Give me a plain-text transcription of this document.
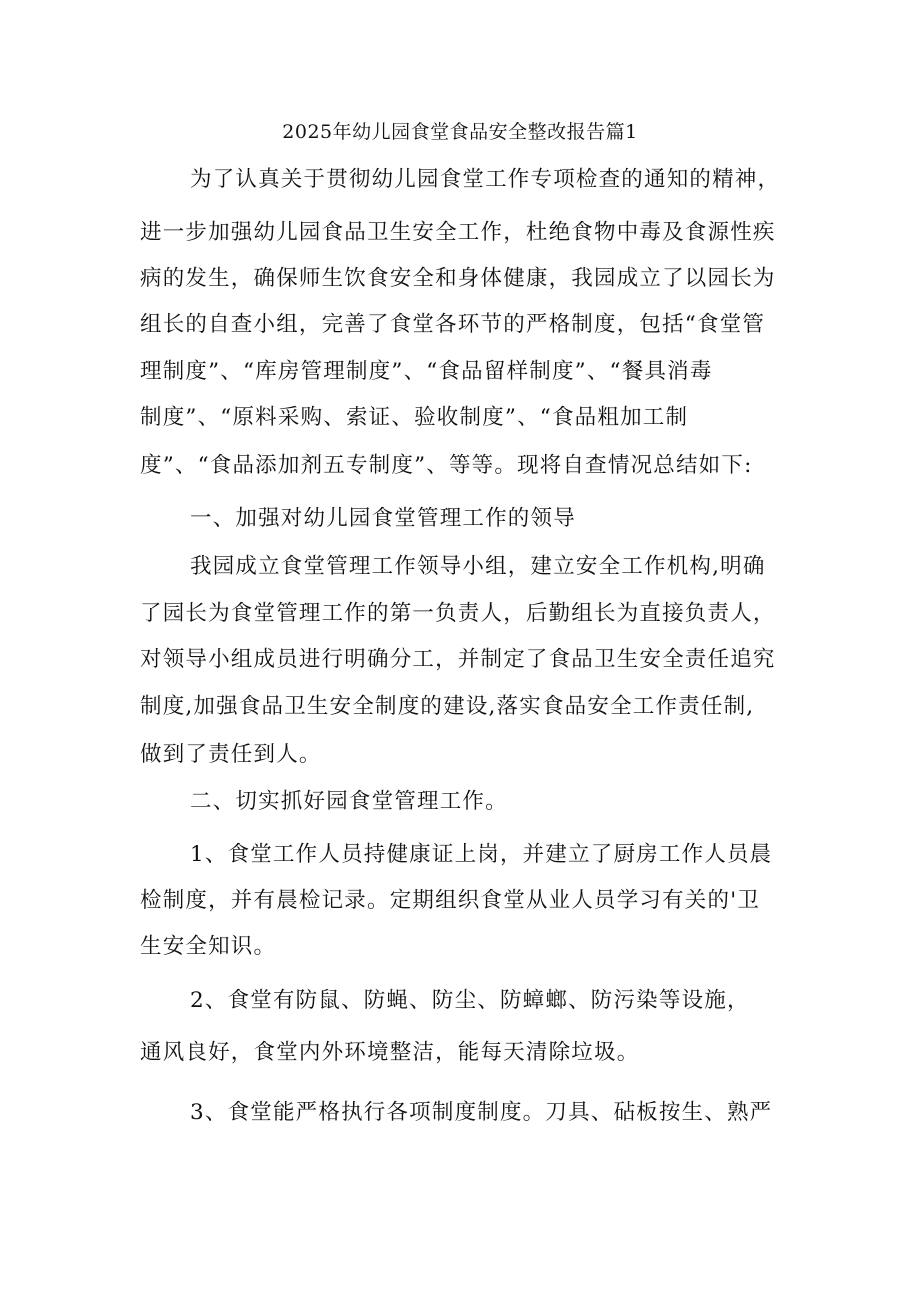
2025年幼儿园食堂食品安全整改报告篇1
为了认真关于贯彻幼儿园食堂工作专项检查的通知的精神，
进一步加强幼儿园食品卫生安全工作，杜绝食物中毒及食源性疾
病的发生，确保师生饮食安全和身体健康，我园成立了以园长为
组长的自查小组，完善了食堂各环节的严格制度，包括“食堂管
理制度”、“库房管理制度”、“食品留样制度”、“餐具消毒
制度”、“原料采购、索证、验收制度”、“食品粗加工制
度”、“食品添加剂五专制度”、等等。现将自查情况总结如下:
一、加强对幼儿园食堂管理工作的领导
我园成立食堂管理工作领导小组，建立安全工作机构,明确
了园长为食堂管理工作的第一负责人，后勤组长为直接负责人，
对领导小组成员进行明确分工，并制定了食品卫生安全责任追究
制度,加强食品卫生安全制度的建设,落实食品安全工作责任制,
做到了责任到人。
二、切实抓好园食堂管理工作。
1、食堂工作人员持健康证上岗，并建立了厨房工作人员晨
检制度，并有晨检记录。定期组织食堂从业人员学习有关的'卫
生安全知识。
2、食堂有防鼠、防蝇、防尘、防蟑螂、防污染等设施，
通风良好，食堂内外环境整洁，能每天清除垃圾。
3、食堂能严格执行各项制度制度。刀具、砧板按生、熟严
